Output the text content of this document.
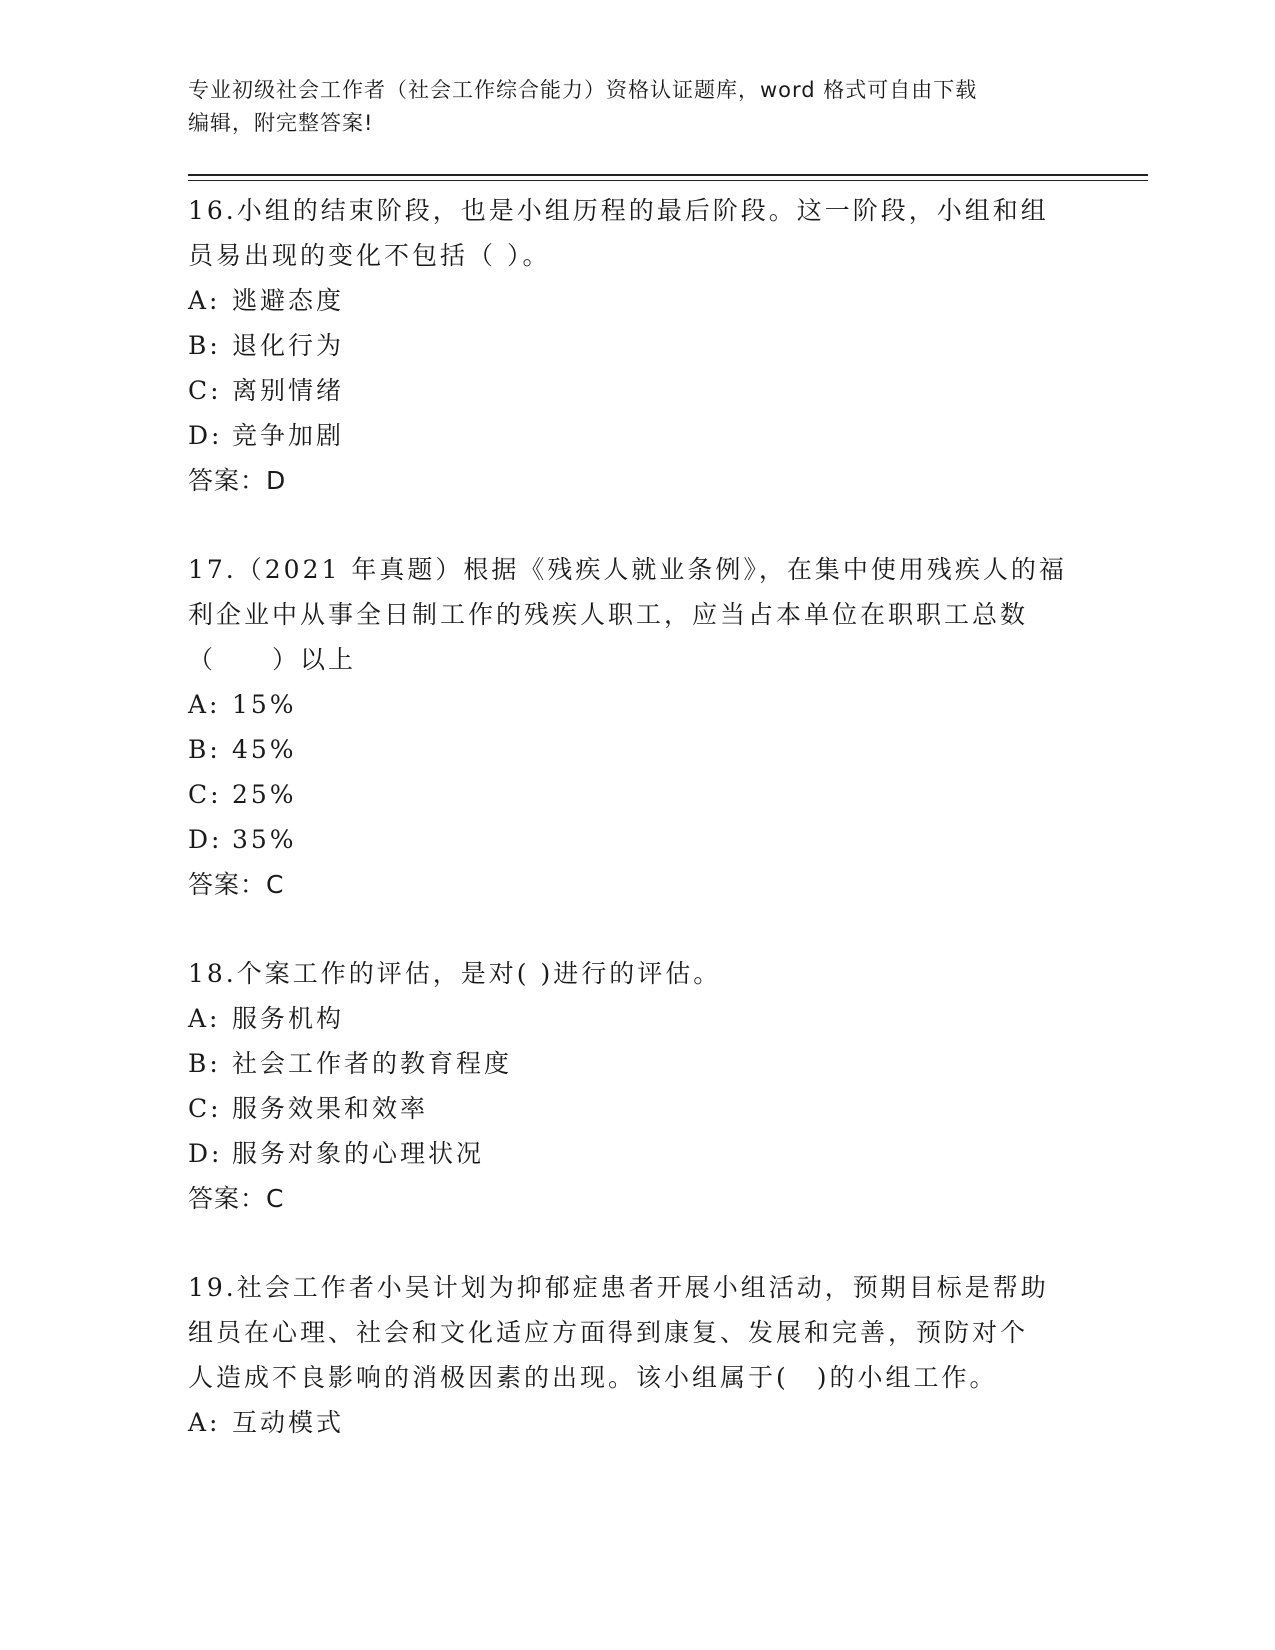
专业初级社会工作者（社会工作综合能力）资格认证题库，word 格式可自由下载
编辑，附完整答案!
16.小组的结束阶段，也是小组历程的最后阶段。这一阶段，小组和组
员易出现的变化不包括（ ）。
A: 逃避态度
B: 退化行为
C: 离别情绪
D: 竞争加剧
答案：D
17.（2021 年真题）根据《残疾人就业条例》，在集中使用残疾人的福
利企业中从事全日制工作的残疾人职工，应当占本单位在职职工总数
（　　）以上
A: 15%
B: 45%
C: 25%
D: 35%
答案：C
18.个案工作的评估，是对( )进行的评估。
A: 服务机构
B: 社会工作者的教育程度
C: 服务效果和效率
D: 服务对象的心理状况
答案：C
19.社会工作者小吴计划为抑郁症患者开展小组活动，预期目标是帮助
组员在心理、社会和文化适应方面得到康复、发展和完善，预防对个
人造成不良影响的消极因素的出现。该小组属于(　)的小组工作。
A: 互动模式
